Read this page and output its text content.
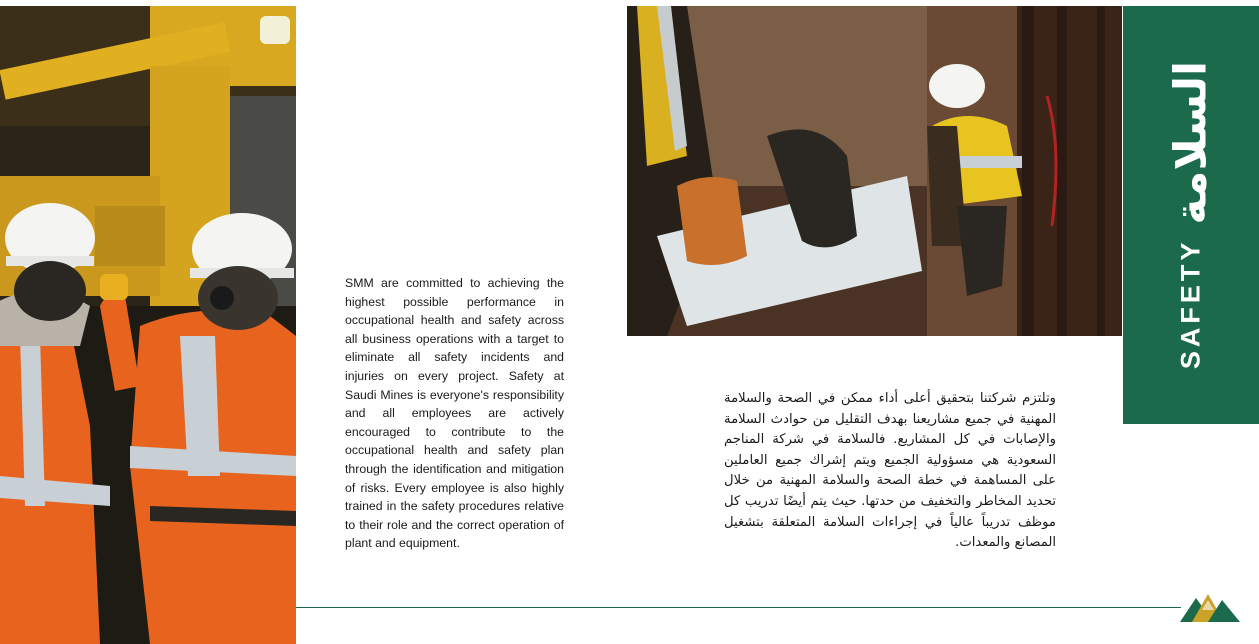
SMM are committed to achieving the highest possible performance in occupational health and safety across all business operations with a target to eliminate all safety incidents and injuries on every project. Safety at Saudi Mines is everyone's responsibility and all employees are actively encouraged to contribute to the occupational health and safety plan through the identification and mitigation of risks. Every employee is also highly trained in the safety procedures relative to their role and the correct operation of plant and equipment.

وتلتزم شركتنا بتحقيق أعلى أداء ممكن في الصحة والسلامة المهنية في جميع مشاريعنا بهدف التقليل من حوادث السلامة والإصابات في كل المشاريع. فالسلامة في شركة المناجم السعودية هي مسؤولية الجميع ويتم إشراك جميع العاملين على المساهمة في خطة الصحة والسلامة المهنية من خلال تحديد المخاطر والتخفيف من حدتها. حيث يتم أيضًا تدريب كل موظف تدريباً عالياً في إجراءات السلامة المتعلقة بتشغيل المصانع والمعدات.

SAFETY
السلامة
